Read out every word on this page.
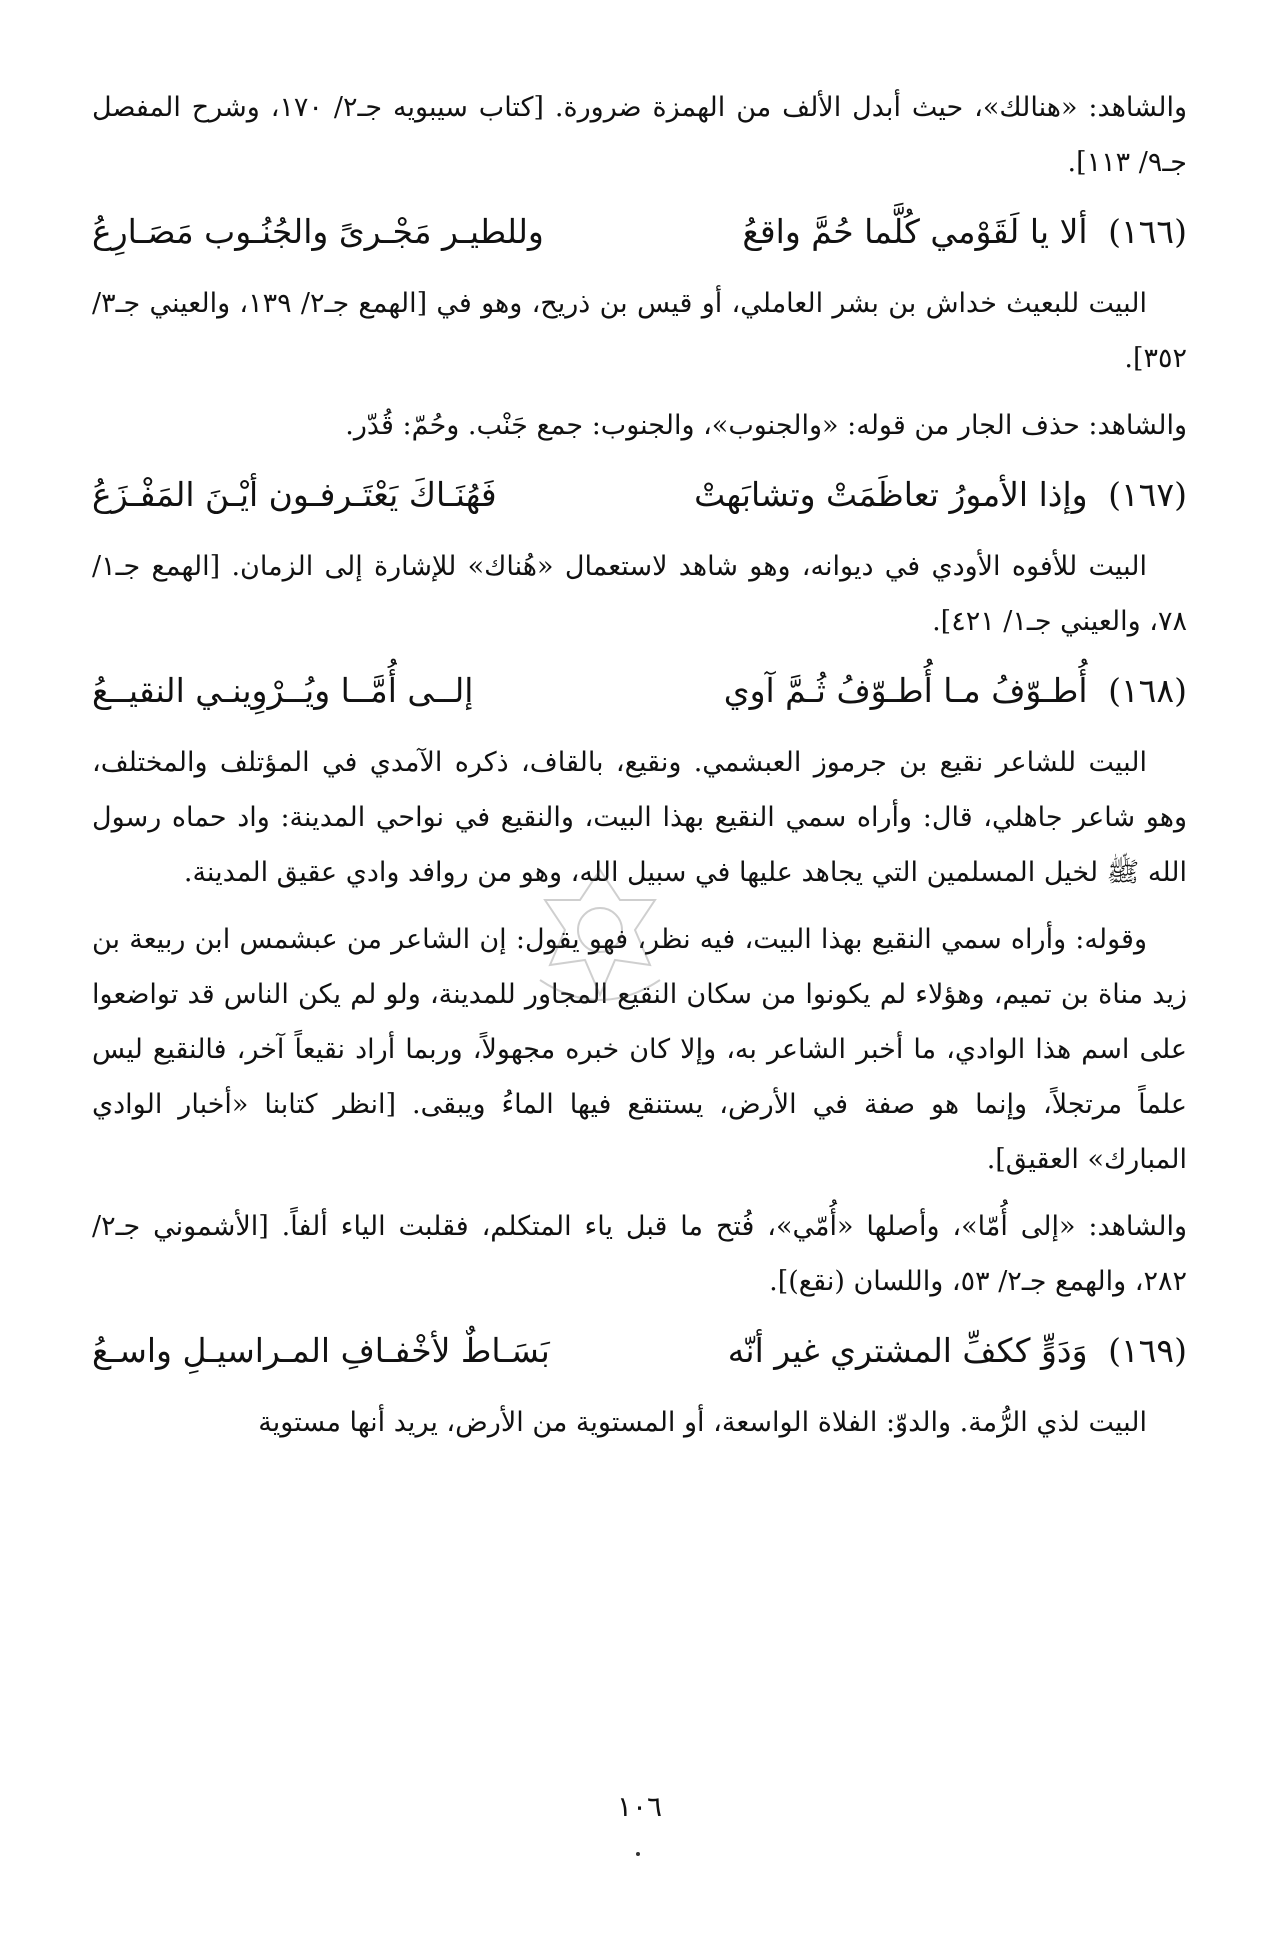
والشاهد: «هنالك»، حيث أبدل الألف من الهمزة ضرورة. [كتاب سيبويه جـ٢/ ١٧٠، وشرح المفصل جـ٩/ ١١٣].

(١٦٦) ألا يا لَقَوْمي كُلَّما حُمَّ واقعُ
وللطيـر مَجْـرىً والجُنُـوب مَصَـارِعُ

البيت للبعيث خداش بن بشر العاملي، أو قيس بن ذريح، وهو في [الهمع جـ٢/ ١٣٩، والعيني جـ٣/ ٣٥٢].

والشاهد: حذف الجار من قوله: «والجنوب»، والجنوب: جمع جَنْب. وحُمّ: قُدّر.

(١٦٧) وإذا الأمورُ تعاظَمَتْ وتشابَهتْ
فَهُنَـاكَ يَعْتَـرفـون أيْـنَ المَفْـزَعُ

البيت للأفوه الأودي في ديوانه، وهو شاهد لاستعمال «هُناك» للإشارة إلى الزمان. [الهمع جـ١/ ٧٨، والعيني جـ١/ ٤٢١].

(١٦٨) أُطـوّفُ مـا أُطـوّفُ ثُـمَّ آوي
إلــى أُمَّــا ويُــرْوِينـي النقيــعُ

البيت للشاعر نقيع بن جرموز العبشمي. ونقيع، بالقاف، ذكره الآمدي في المؤتلف والمختلف، وهو شاعر جاهلي، قال: وأراه سمي النقيع بهذا البيت، والنقيع في نواحي المدينة: واد حماه رسول الله ﷺ لخيل المسلمين التي يجاهد عليها في سبيل الله، وهو من روافد وادي عقيق المدينة.

وقوله: وأراه سمي النقيع بهذا البيت، فيه نظر، فهو يقول: إن الشاعر من عبشمس ابن ربيعة بن زيد مناة بن تميم، وهؤلاء لم يكونوا من سكان النقيع المجاور للمدينة، ولو لم يكن الناس قد تواضعوا على اسم هذا الوادي، ما أخبر الشاعر به، وإلا كان خبره مجهولاً، وربما أراد نقيعاً آخر، فالنقيع ليس علماً مرتجلاً، وإنما هو صفة في الأرض، يستنقع فيها الماءُ ويبقى. [انظر كتابنا «أخبار الوادي المبارك» العقيق].

والشاهد: «إلى أُمّا»، وأصلها «أُمّي»، فُتح ما قبل ياء المتكلم، فقلبت الياء ألفاً. [الأشموني جـ٢/ ٢٨٢، والهمع جـ٢/ ٥٣، واللسان (نقع)].

(١٦٩) وَدَوٍّ ككفِّ المشتري غير أنّه
بَسَـاطٌ لأخْفـافِ المـراسيـلِ واسـعُ

البيت لذي الرُّمة. والدوّ: الفلاة الواسعة، أو المستوية من الأرض، يريد أنها مستوية

١٠٦
